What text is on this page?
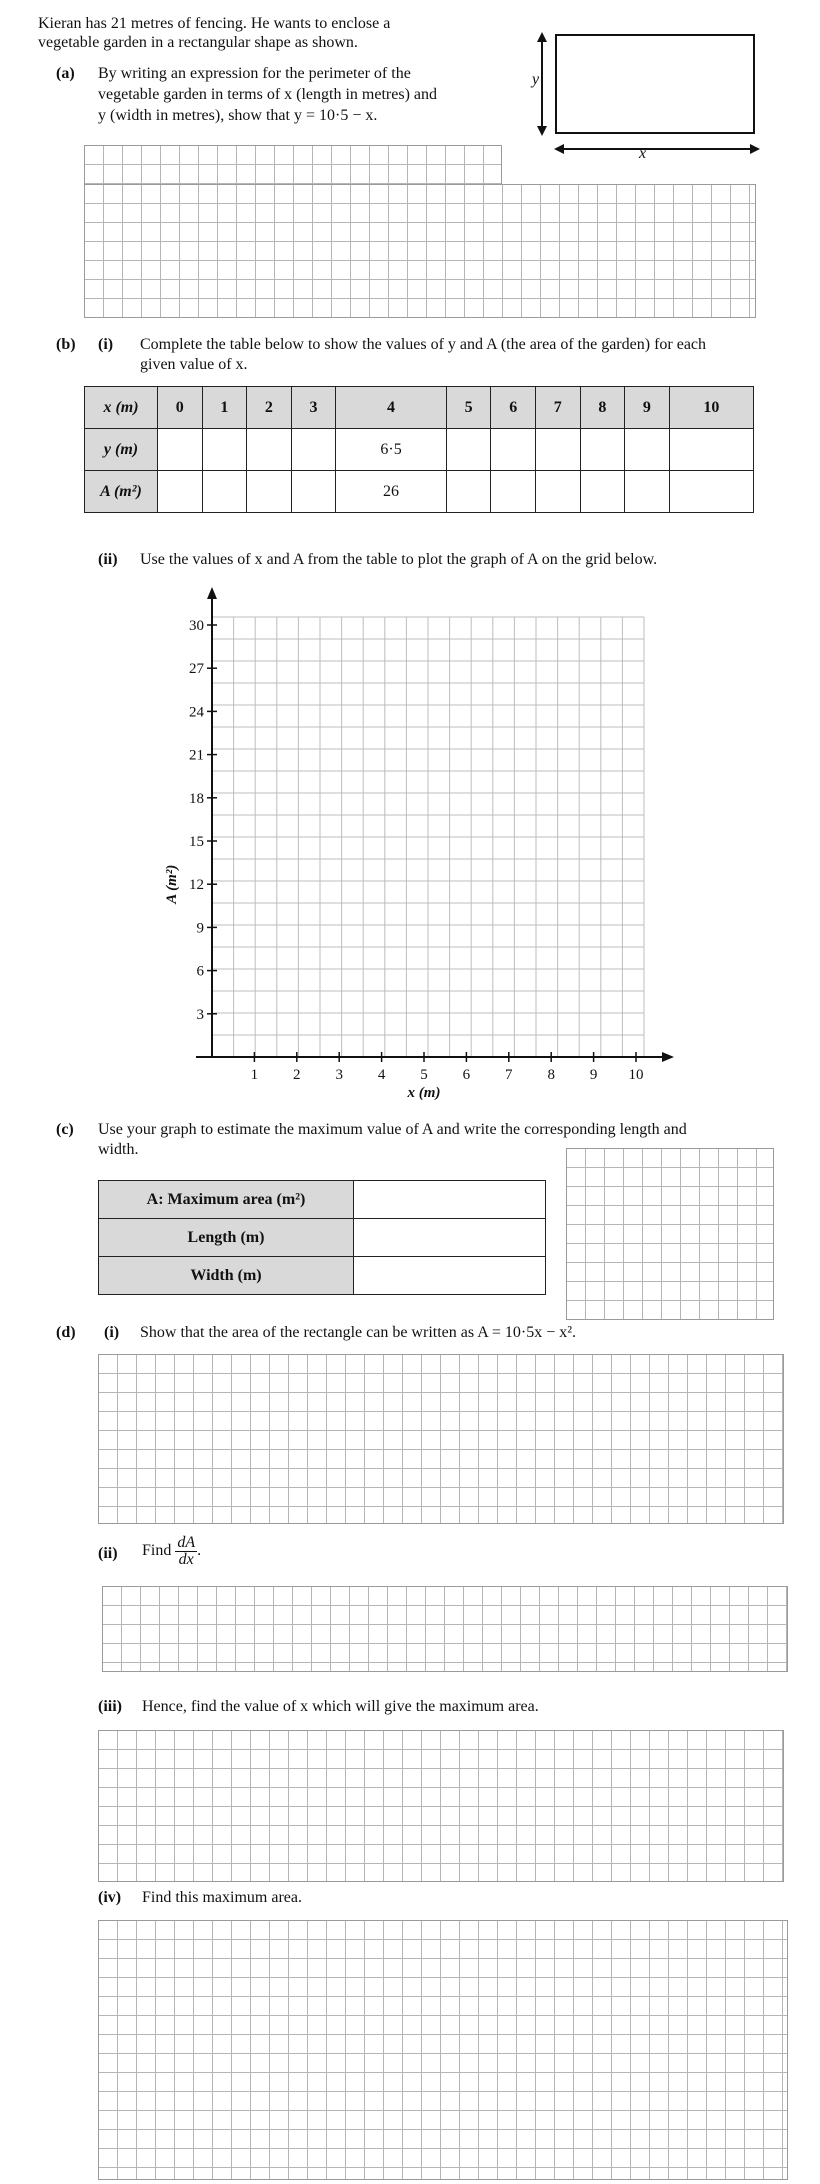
Kieran has 21 metres of fencing. He wants to enclose a
vegetable garden in a rectangular shape as shown.
(a) By writing an expression for the perimeter of the
vegetable garden in terms of x (length in metres) and
y (width in metres), show that y = 10·5 − x.
y
x
(b) (i) Complete the table below to show the values of y and A (the area of the garden) for each
given value of x.
x (m)	0	1	2	3	4	5	6	7	8	9	10
y (m)					6·5						
A (m²)					26						
(ii) Use the values of x and A from the table to plot the graph of A on the grid below.
1 2 3 4 5 6 7 8 9 10
3
6
9
12
15
18
21
24
27
30
x (m)
A (m²)
(c) Use your graph to estimate the maximum value of A and write the corresponding length and
width.
A: Maximum area (m²)	
Length (m)	
Width (m)	
(d) (i) Show that the area of the rectangle can be written as A = 10·5x − x².
(ii) Find $\frac{dA}{dx}$ .
(iii) Hence, find the value of x which will give the maximum area.
(iv) Find this maximum area.
